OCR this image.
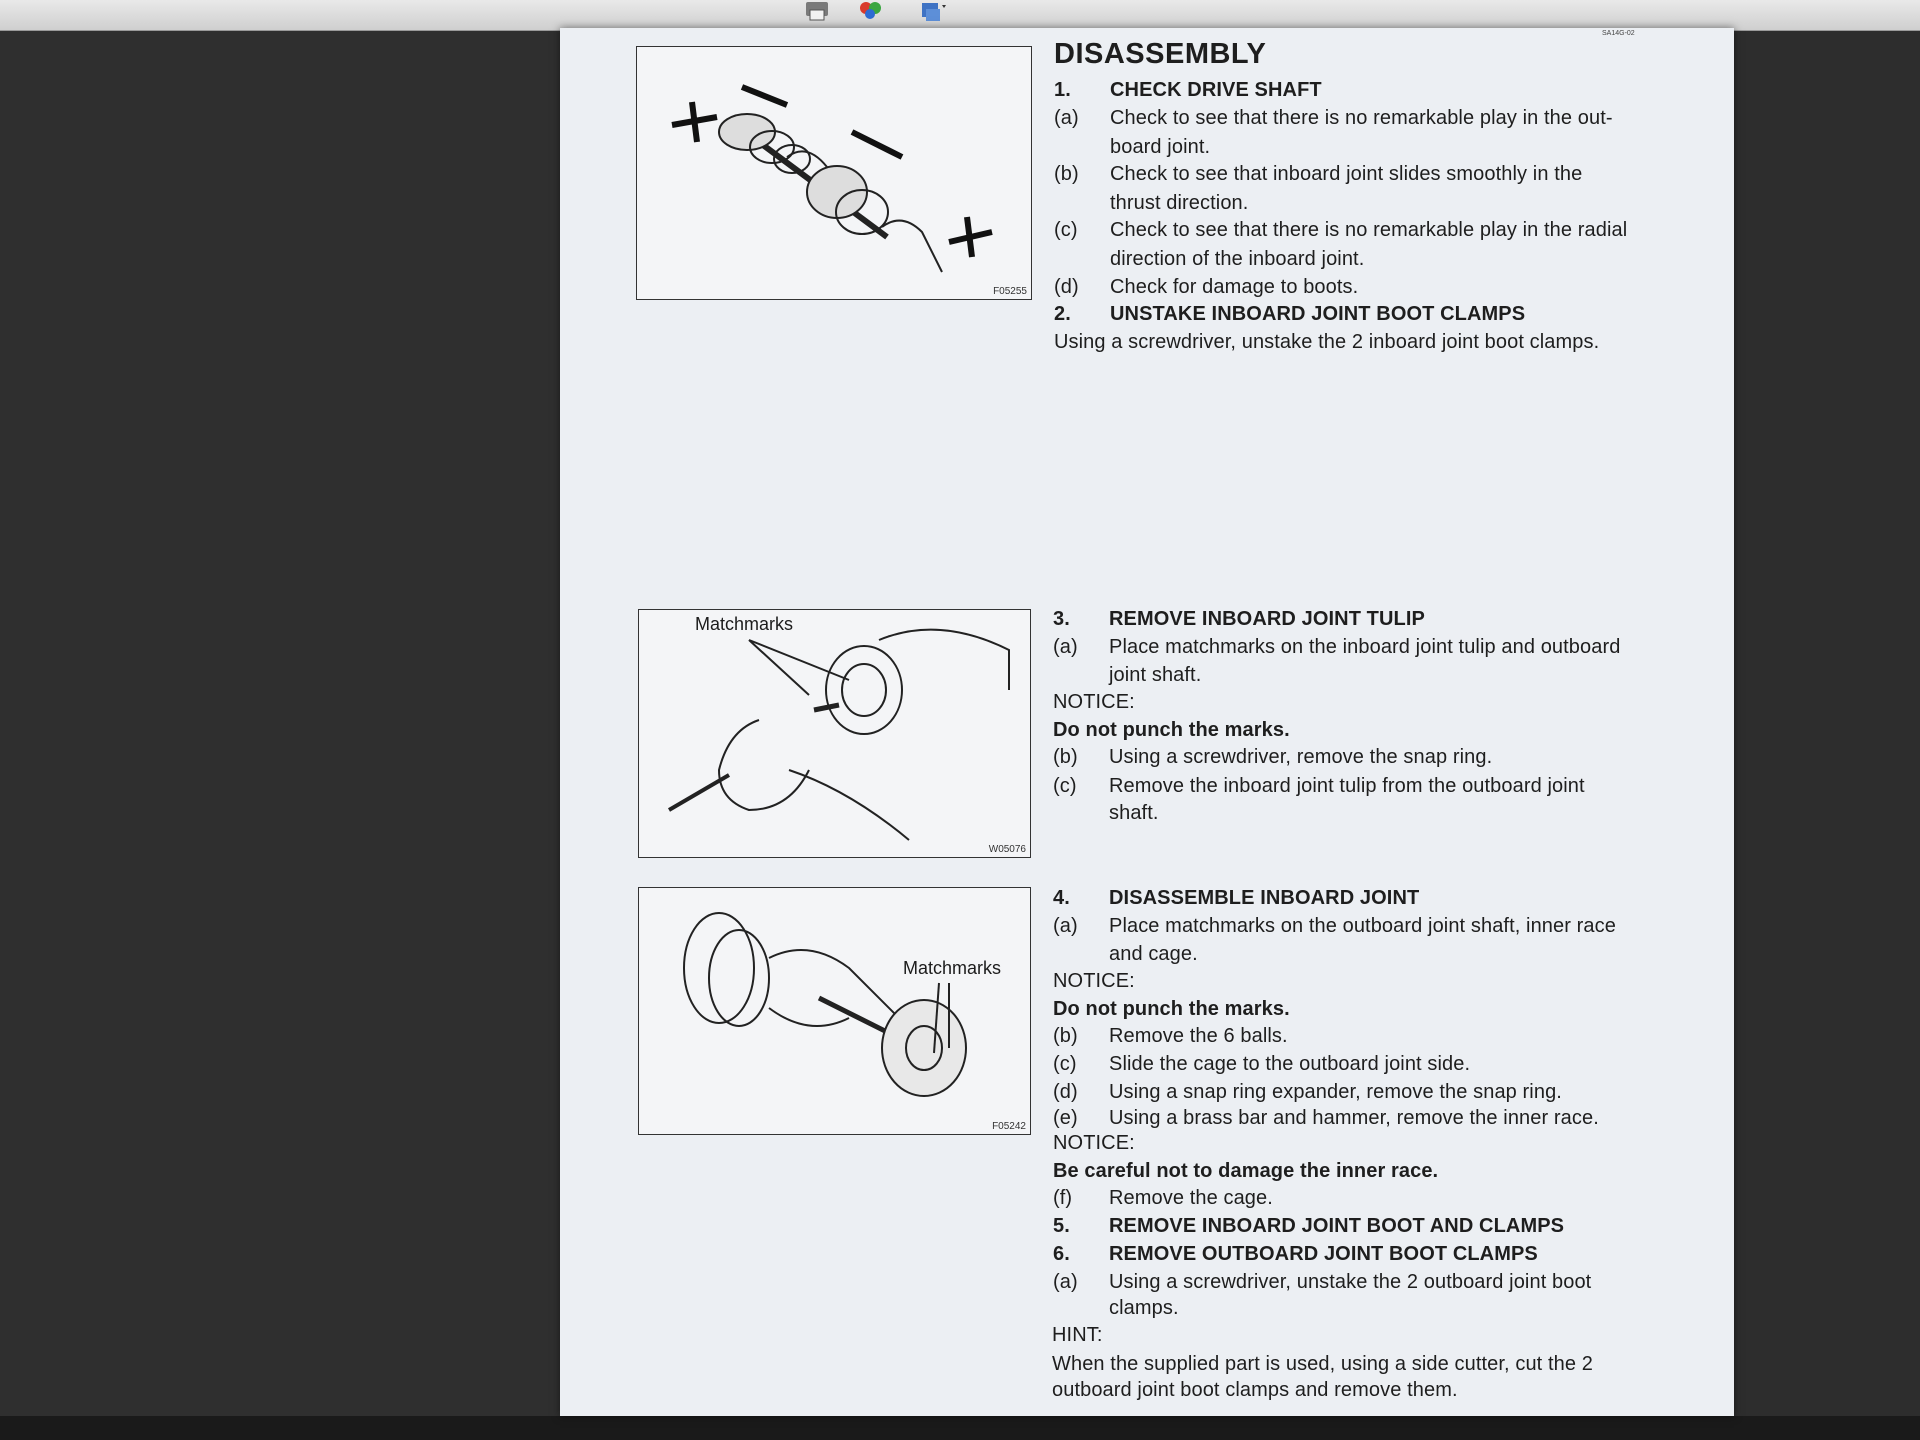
SA14G-02
F05255
Matchmarks
W05076
Matchmarks
F05242
DISASSEMBLY
1. CHECK DRIVE SHAFT
(a) Check to see that there is no remarkable play in the out-
board joint.
(b) Check to see that inboard joint slides smoothly in the
thrust direction.
(c) Check to see that there is no remarkable play in the radial
direction of the inboard joint.
(d) Check for damage to boots.
2. UNSTAKE INBOARD JOINT BOOT CLAMPS
Using a screwdriver, unstake the 2 inboard joint boot clamps.
3. REMOVE INBOARD JOINT TULIP
(a) Place matchmarks on the inboard joint tulip and outboard
joint shaft.
NOTICE:
Do not punch the marks.
(b) Using a screwdriver, remove the snap ring.
(c) Remove the inboard joint tulip from the outboard joint
shaft.
4. DISASSEMBLE INBOARD JOINT
(a) Place matchmarks on the outboard joint shaft, inner race
and cage.
NOTICE:
Do not punch the marks.
(b) Remove the 6 balls.
(c) Slide the cage to the outboard joint side.
(d) Using a snap ring expander, remove the snap ring.
(e) Using a brass bar and hammer, remove the inner race.
NOTICE:
Be careful not to damage the inner race.
(f) Remove the cage.
5. REMOVE INBOARD JOINT BOOT AND CLAMPS
6. REMOVE OUTBOARD JOINT BOOT CLAMPS
(a) Using a screwdriver, unstake the 2 outboard joint boot
clamps.
HINT:
When the supplied part is used, using a side cutter, cut the 2
outboard joint boot clamps and remove them.
